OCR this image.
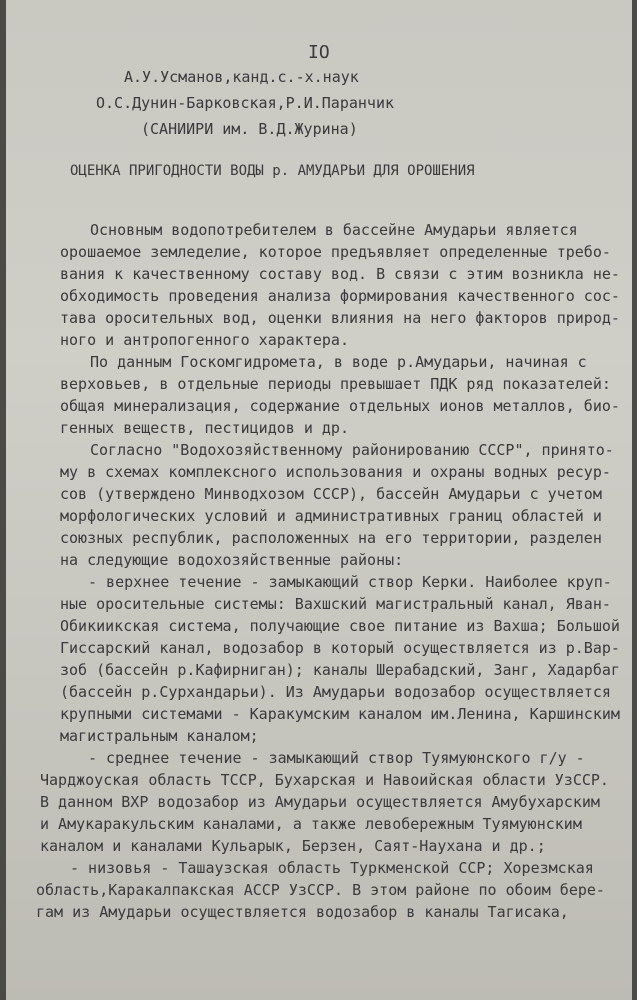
IO
А.У.Усманов,канд.с.-х.наук
О.С.Дунин-Барковская,Р.И.Паранчик
(САНИИРИ им. В.Д.Журина)
ОЦЕНКА ПРИГОДНОСТИ ВОДЫ р. АМУДАРЬИ ДЛЯ ОРОШЕНИЯ
Основным водопотребителем в бассейне Амударьи является
орошаемое земледелие, которое предъявляет определенные требо-
вания к качественному составу вод. В связи с этим возникла не-
обходимость проведения анализа формирования качественного сос-
тава оросительных вод, оценки влияния на него факторов природ-
ного и антропогенного характера.
По данным Госкомгидромета, в воде р.Амударьи, начиная с
верховьев, в отдельные периоды превышает ПДК ряд показателей:
общая минерализация, содержание отдельных ионов металлов, био-
генных веществ, пестицидов и др.
Согласно "Водохозяйственному районированию СССР", принято-
му в схемах комплексного использования и охраны водных ресур-
сов (утверждено Минводхозом СССР), бассейн Амударьи с учетом
морфологических условий и административных границ областей и
союзных республик, расположенных на его территории, разделен
на следующие водохозяйственные районы:
- верхнее течение - замыкающий створ Керки. Наиболее круп-
ные оросительные системы: Вахшский магистральный канал, Яван-
Обикиикская система, получающие свое питание из Вахша; Большой
Гиссарский канал, водозабор в который осуществляется из р.Вар-
зоб (бассейн р.Кафирниган); каналы Шерабадский, Занг, Хадарбаг
(бассейн р.Сурхандарьи). Из Амударьи водозабор осуществляется
крупными системами - Каракумским каналом им.Ленина, Каршинским
магистральным каналом;
- среднее течение - замыкающий створ Туямуюнского г/у -
Чарджоуская область ТССР, Бухарская и Навоийская области УзССР.
В данном ВХР водозабор из Амударьи осуществляется Амубухарским
и Амукаракульским каналами, а также левобережным Туямуюнским
каналом и каналами Кульарык, Берзен, Саят-Наухана и др.;
- низовья - Ташаузская область Туркменской ССР; Хорезмская
область,Каракалпакская АССР УзССР. В этом районе по обоим бере-
гам из Амударьи осуществляется водозабор в каналы Тагисака,
